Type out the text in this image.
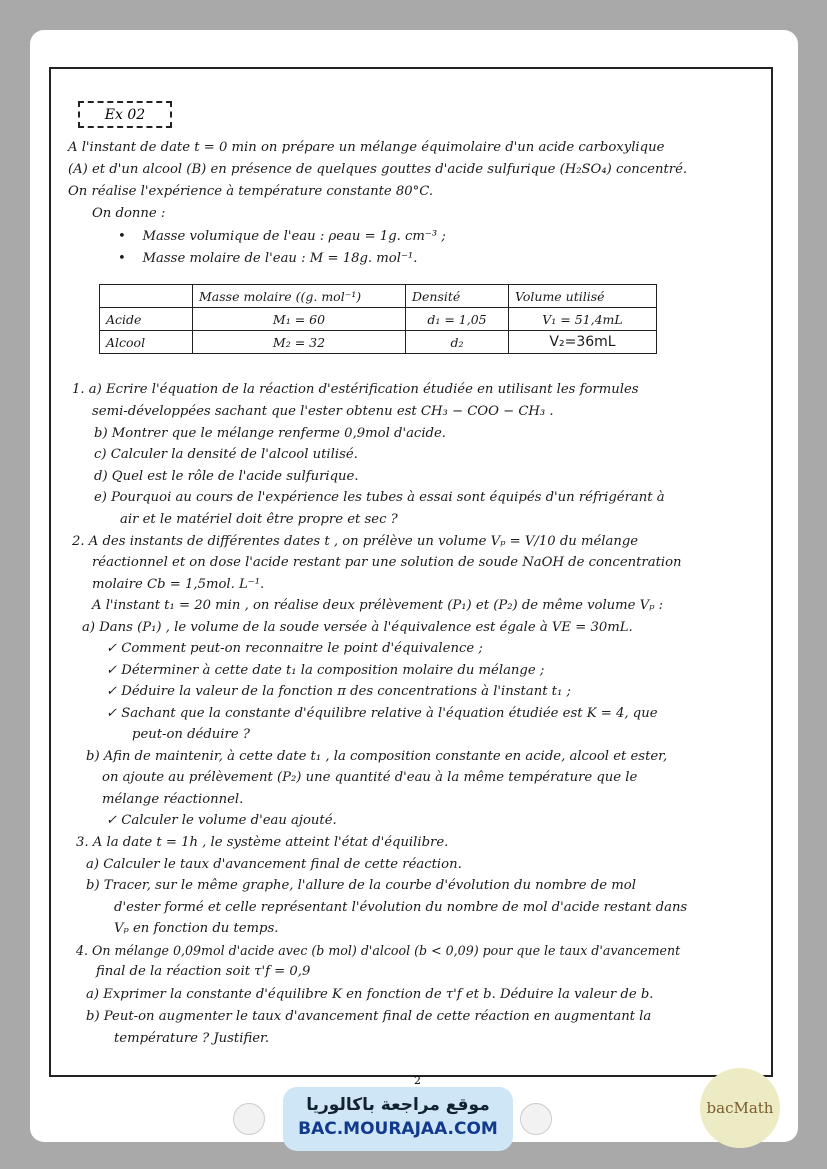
Ex 02
A l'instant de date t = 0 min on prépare un mélange équimolaire d'un acide carboxylique
(A) et d'un alcool (B) en présence de quelques gouttes d'acide sulfurique (H₂SO₄) concentré.
On réalise l'expérience à température constante 80°C.
On donne :
•    Masse volumique de l'eau : ρeau = 1g. cm⁻³ ;
•    Masse molaire de l'eau : M = 18g. mol⁻¹.
	Masse molaire ((g. mol⁻¹)	Densité	Volume utilisé
Acide	M₁ = 60	d₁ = 1,05	V₁ = 51,4mL
Alcool	M₂ = 32	d₂	V₂=36mL
1. a) Ecrire l'équation de la réaction d'estérification étudiée en utilisant les formules
semi-développées sachant que l'ester obtenu est CH₃ − COO − CH₃ .
b) Montrer que le mélange renferme 0,9mol d'acide.
c) Calculer la densité de l'alcool utilisé.
d) Quel est le rôle de l'acide sulfurique.
e) Pourquoi au cours de l'expérience les tubes à essai sont équipés d'un réfrigérant à
air et le matériel doit être propre et sec ?
2. A des instants de différentes dates t , on prélève un volume Vₚ = V/10 du mélange
réactionnel et on dose l'acide restant par une solution de soude NaOH de concentration
molaire Cb = 1,5mol. L⁻¹.
A l'instant t₁ = 20 min , on réalise deux prélèvement (P₁) et (P₂) de même volume Vₚ :
a) Dans (P₁) , le volume de la soude versée à l'équivalence est égale à VE = 30mL.
✓ Comment peut-on reconnaitre le point d'équivalence ;
✓ Déterminer à cette date t₁ la composition molaire du mélange ;
✓ Déduire la valeur de la fonction π des concentrations à l'instant t₁ ;
✓ Sachant que la constante d'équilibre relative à l'équation étudiée est K = 4, que
peut-on déduire ?
b) Afin de maintenir, à cette date t₁ , la composition constante en acide, alcool et ester,
on ajoute au prélèvement (P₂) une quantité d'eau à la même température que le
mélange réactionnel.
✓ Calculer le volume d'eau ajouté.
3. A la date t = 1h , le système atteint l'état d'équilibre.
a) Calculer le taux d'avancement final de cette réaction.
b) Tracer, sur le même graphe, l'allure de la courbe d'évolution du nombre de mol
d'ester formé et celle représentant l'évolution du nombre de mol d'acide restant dans
Vₚ en fonction du temps.
4. On mélange 0,09mol d'acide avec (b mol) d'alcool (b < 0,09) pour que le taux d'avancement
final de la réaction soit τ'f = 0,9
a) Exprimer la constante d'équilibre K en fonction de τ'f et b. Déduire la valeur de b.
b) Peut-on augmenter le taux d'avancement final de cette réaction en augmentant la
température ? Justifier.
2
موقع مراجعة باكالوريا
BAC.MOURAJAA.COM
bacMath
